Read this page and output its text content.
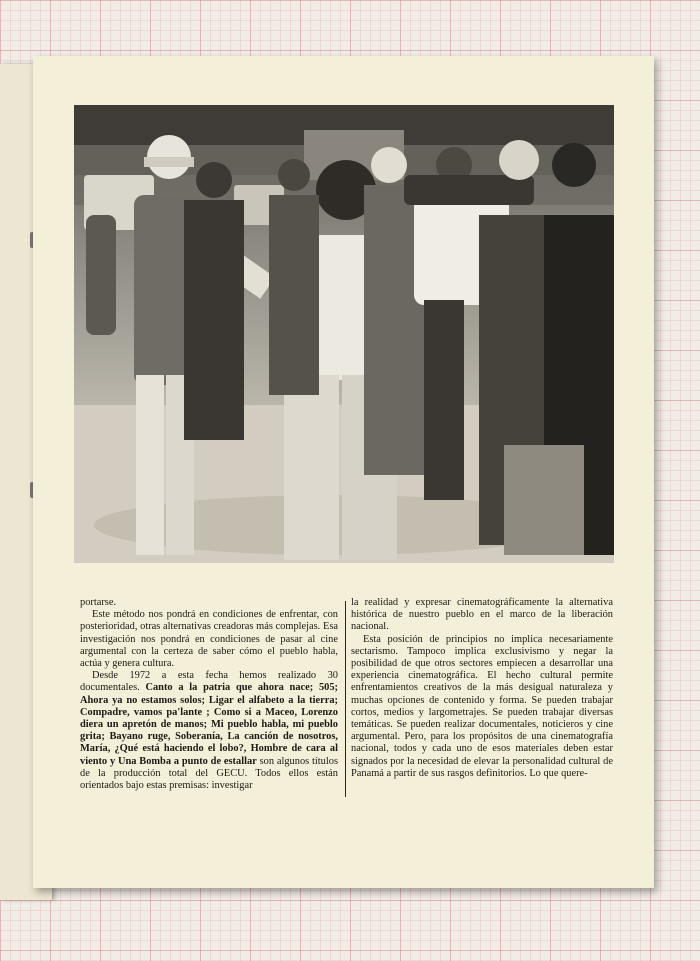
portarse.

Este método nos pondrá en condiciones de enfrentar, con posterioridad, otras alternativas creadoras más complejas. Esa investigación nos pondrá en condiciones de pasar al cine argumental con la certeza de saber cómo el pueblo habla, actúa y genera cultura.

Desde 1972 a esta fecha hemos realizado 30 documentales. Canto a la patria que ahora nace; 505; Ahora ya no estamos solos; Ligar el alfabeto a la tierra; Compadre, vamos pa'lante ; Como si a Maceo, Lorenzo diera un apretón de manos; Mi pueblo habla, mi pueblo grita; Bayano ruge, Soberanía, La canción de nosotros, María, ¿Qué está haciendo el lobo?, Hombre de cara al viento y Una Bomba a punto de estallar son algunos títulos de la producción total del GECU. Todos ellos están orientados bajo estas premisas: investigar

la realidad y expresar cinematográficamente la alternativa histórica de nuestro pueblo en el marco de la liberación nacional.

Esta posición de principios no implica necesariamente sectarismo. Tampoco implica exclusivismo y negar la posibilidad de que otros sectores empiecen a desarrollar una experiencia cinematográfica. El hecho cultural permite enfrentamientos creativos de la más desigual naturaleza y muchas opciones de contenido y forma. Se pueden trabajar cortos, medios y largometrajes. Se pueden trabajar diversas temáticas. Se pueden realizar documentales, noticieros y cine argumental. Pero, para los propósitos de una cinematografía nacional, todos y cada uno de esos materiales deben estar signados por la necesidad de elevar la personalidad cultural de Panamá a partir de sus rasgos definitorios. Lo que quere-
